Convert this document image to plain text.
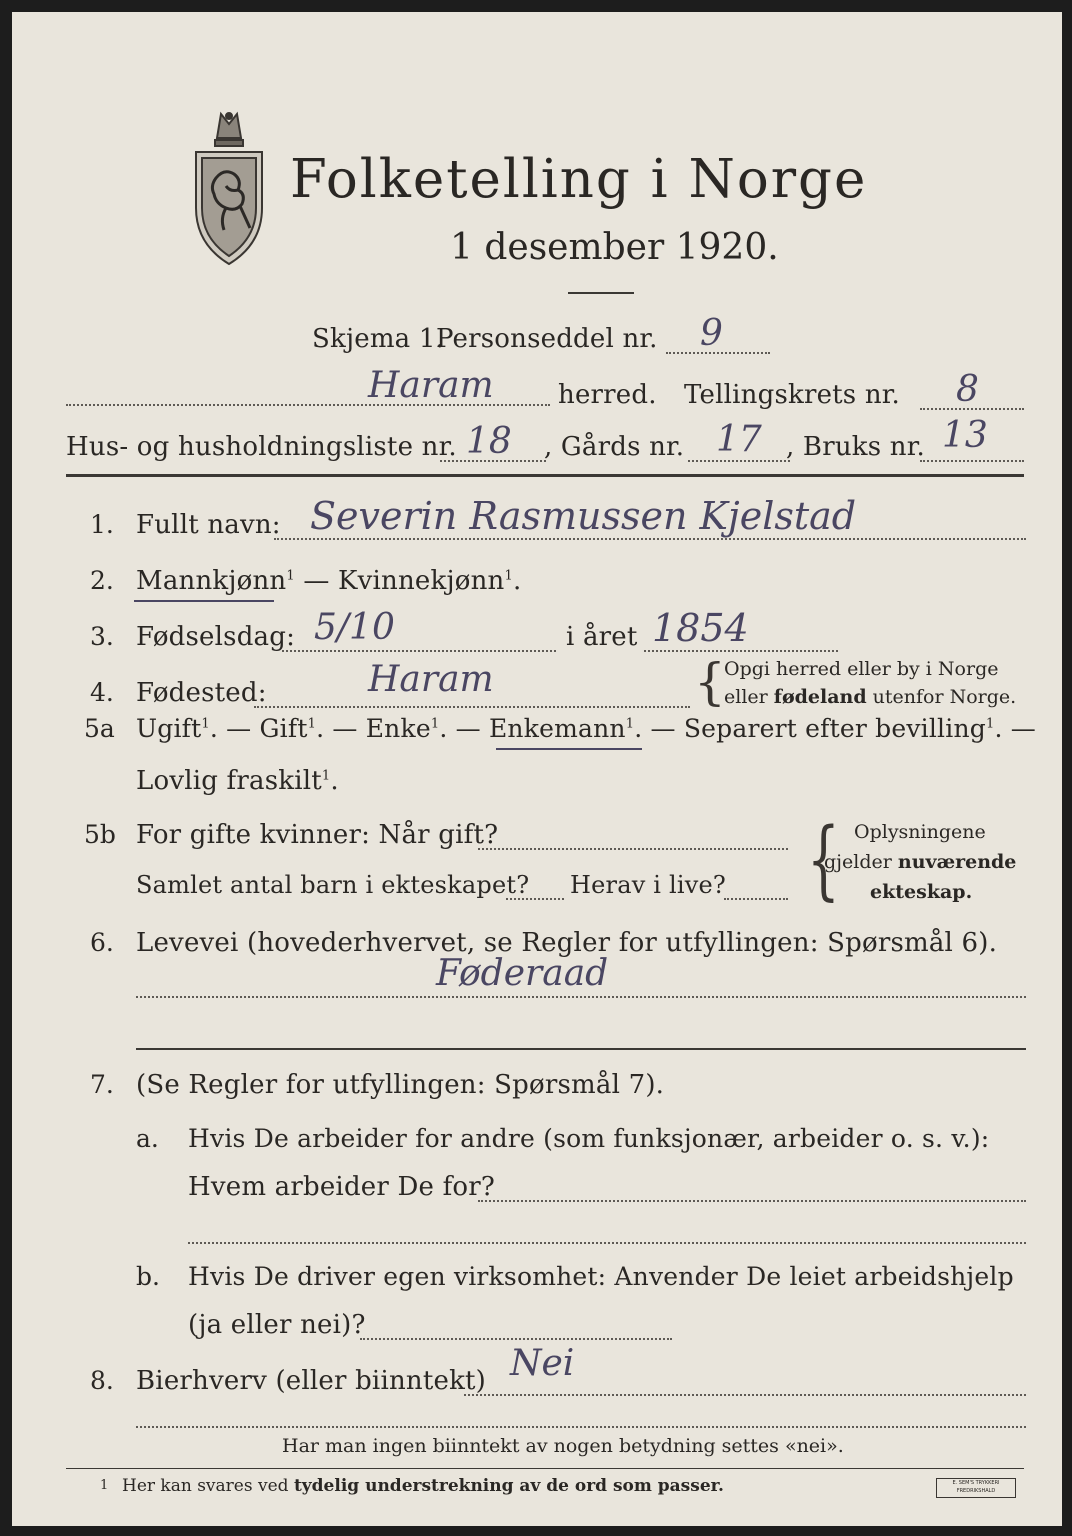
Folketelling i Norge
1 desember 1920.
Skjema 1.
Personseddel nr. 9
Haram herred. Tellingskrets nr. 8
Hus- og husholdningsliste nr. 18 , Gårds nr. 17 , Bruks nr. 13
1. Fullt navn: Severin Rasmussen Kjelstad
2. Mannkjønn$^1$ — Kvinnekjønn$^1$.
3. Fødselsdag: 5/10	i året 1854
4. Fødested:	Haram	{
Opgi herred eller by i Norge
eller fødeland utenfor Norge.
5a Ugift$^1$. — Gift$^1$. — Enke$^1$. — Enkemann$^1$. — Separert efter bevilling$^1$. —
Lovlig fraskilt$^1$.
5b For gifte kvinner: Når gift?
Samlet antal barn i ekteskapet? Herav i live? { Oplysningene
gjelder nuværende
ekteskap.
6. Levevei (hovederhvervet, se Regler for utfyllingen: Spørsmål 6).
Føderaad
7. (Se Regler for utfyllingen: Spørsmål 7).
a. Hvis De arbeider for andre (som funksjonær, arbeider o. s. v.):
Hvem arbeider De for?
b. Hvis De driver egen virksomhet: Anvender De leiet arbeidshjelp
(ja eller nei)?
8. Bierhverv (eller biinntekt) Nei
Har man ingen biinntekt av nogen betydning settes «nei».
1 Her kan svares ved tydelig understrekning av de ord som passer.	E. SEM'S TRYKKERI FREDRIKSHALD
